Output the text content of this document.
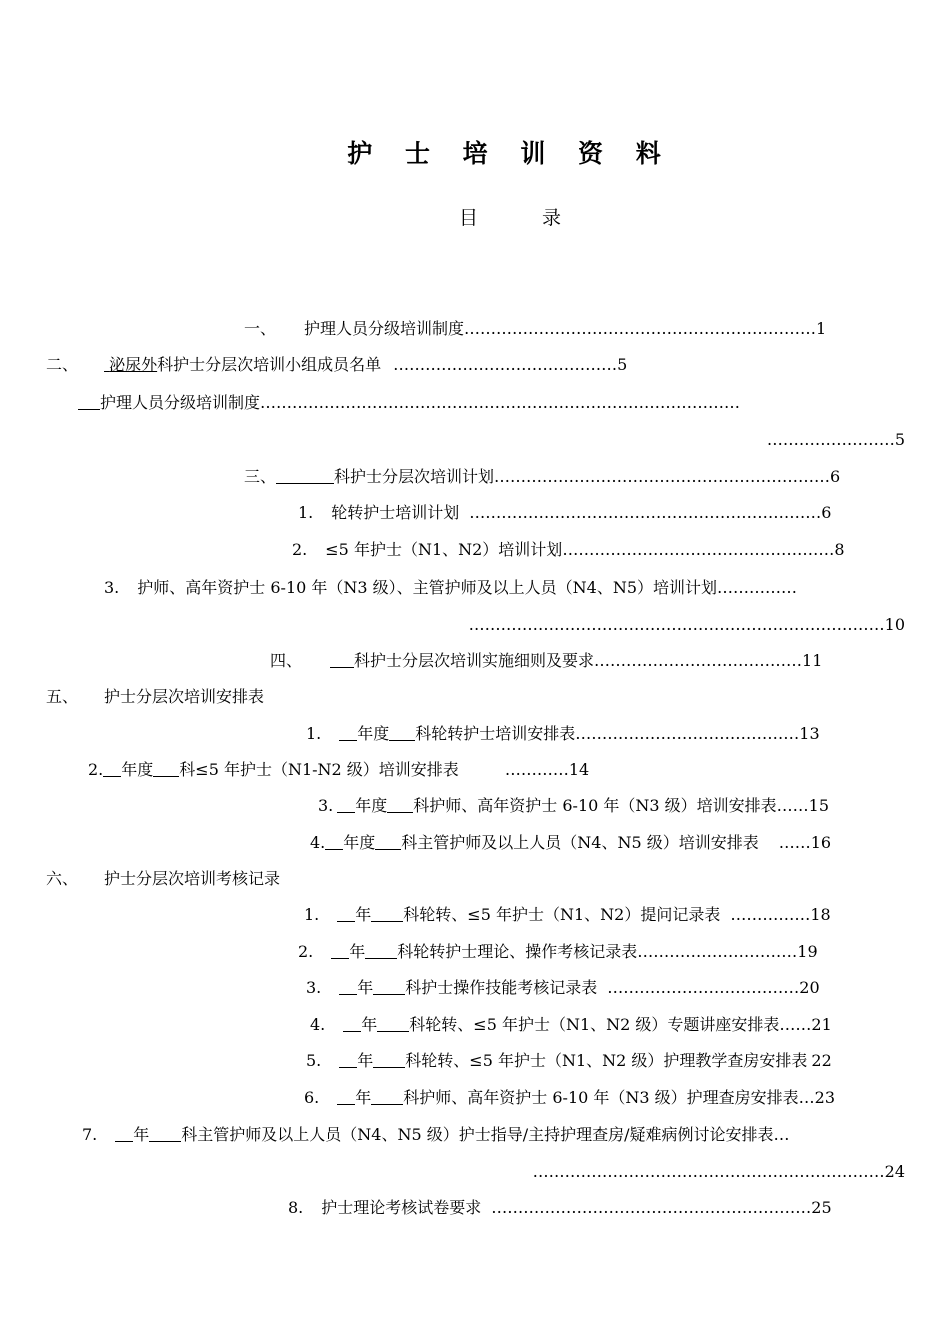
护 士 培 训 资 料
目	录
一、 护理人员分级培训制度…………………………………………………………1
二、 泌尿外科护士分层次培训小组成员名单 ……………………………………5
护理人员分级培训制度………………………………………………………………………………
……………………5
三、	科护士分层次培训计划………………………………………………………6
1. 轮转护士培训计划 …………………………………………………………6
2. ≤5 年护士（N1、N2）培训计划……………………………………………8
3. 护师、高年资护士 6-10 年（N3 级）、主管护师及以上人员（N4、N5）培训计划……………
……………………………………………………………………10
四、	科护士分层次培训实施细则及要求…………………………………11
五、 护士分层次培训安排表
1. 年度 科轮转护士培训安排表……………………………………13
2. 年度 科≤5 年护士（N1-N2 级）培训安排表	…………14
3. 年度 科护师、高年资护士 6-10 年（N3 级）培训安排表……15
4. 年度 科主管护师及以上人员（N4、N5 级）培训安排表 ……16
六、 护士分层次培训考核记录
1. 年 科轮转、≤5 年护士（N1、N2）提问记录表 ……………18
2. 年 科轮转护士理论、操作考核记录表…………………………19
3. 年 科护士操作技能考核记录表 ………………………………20
4. 年 科轮转、≤5 年护士（N1、N2 级）专题讲座安排表……21
5. 年 科轮转、≤5 年护士（N1、N2 级）护理教学查房安排表 22
6. 年 科护师、高年资护士 6-10 年（N3 级）护理查房安排表…23
7. 年 科主管护师及以上人员（N4、N5 级）护士指导/主持护理查房/疑难病例讨论安排表…
…………………………………………………………24
8. 护士理论考核试卷要求 ……………………………………………………25
